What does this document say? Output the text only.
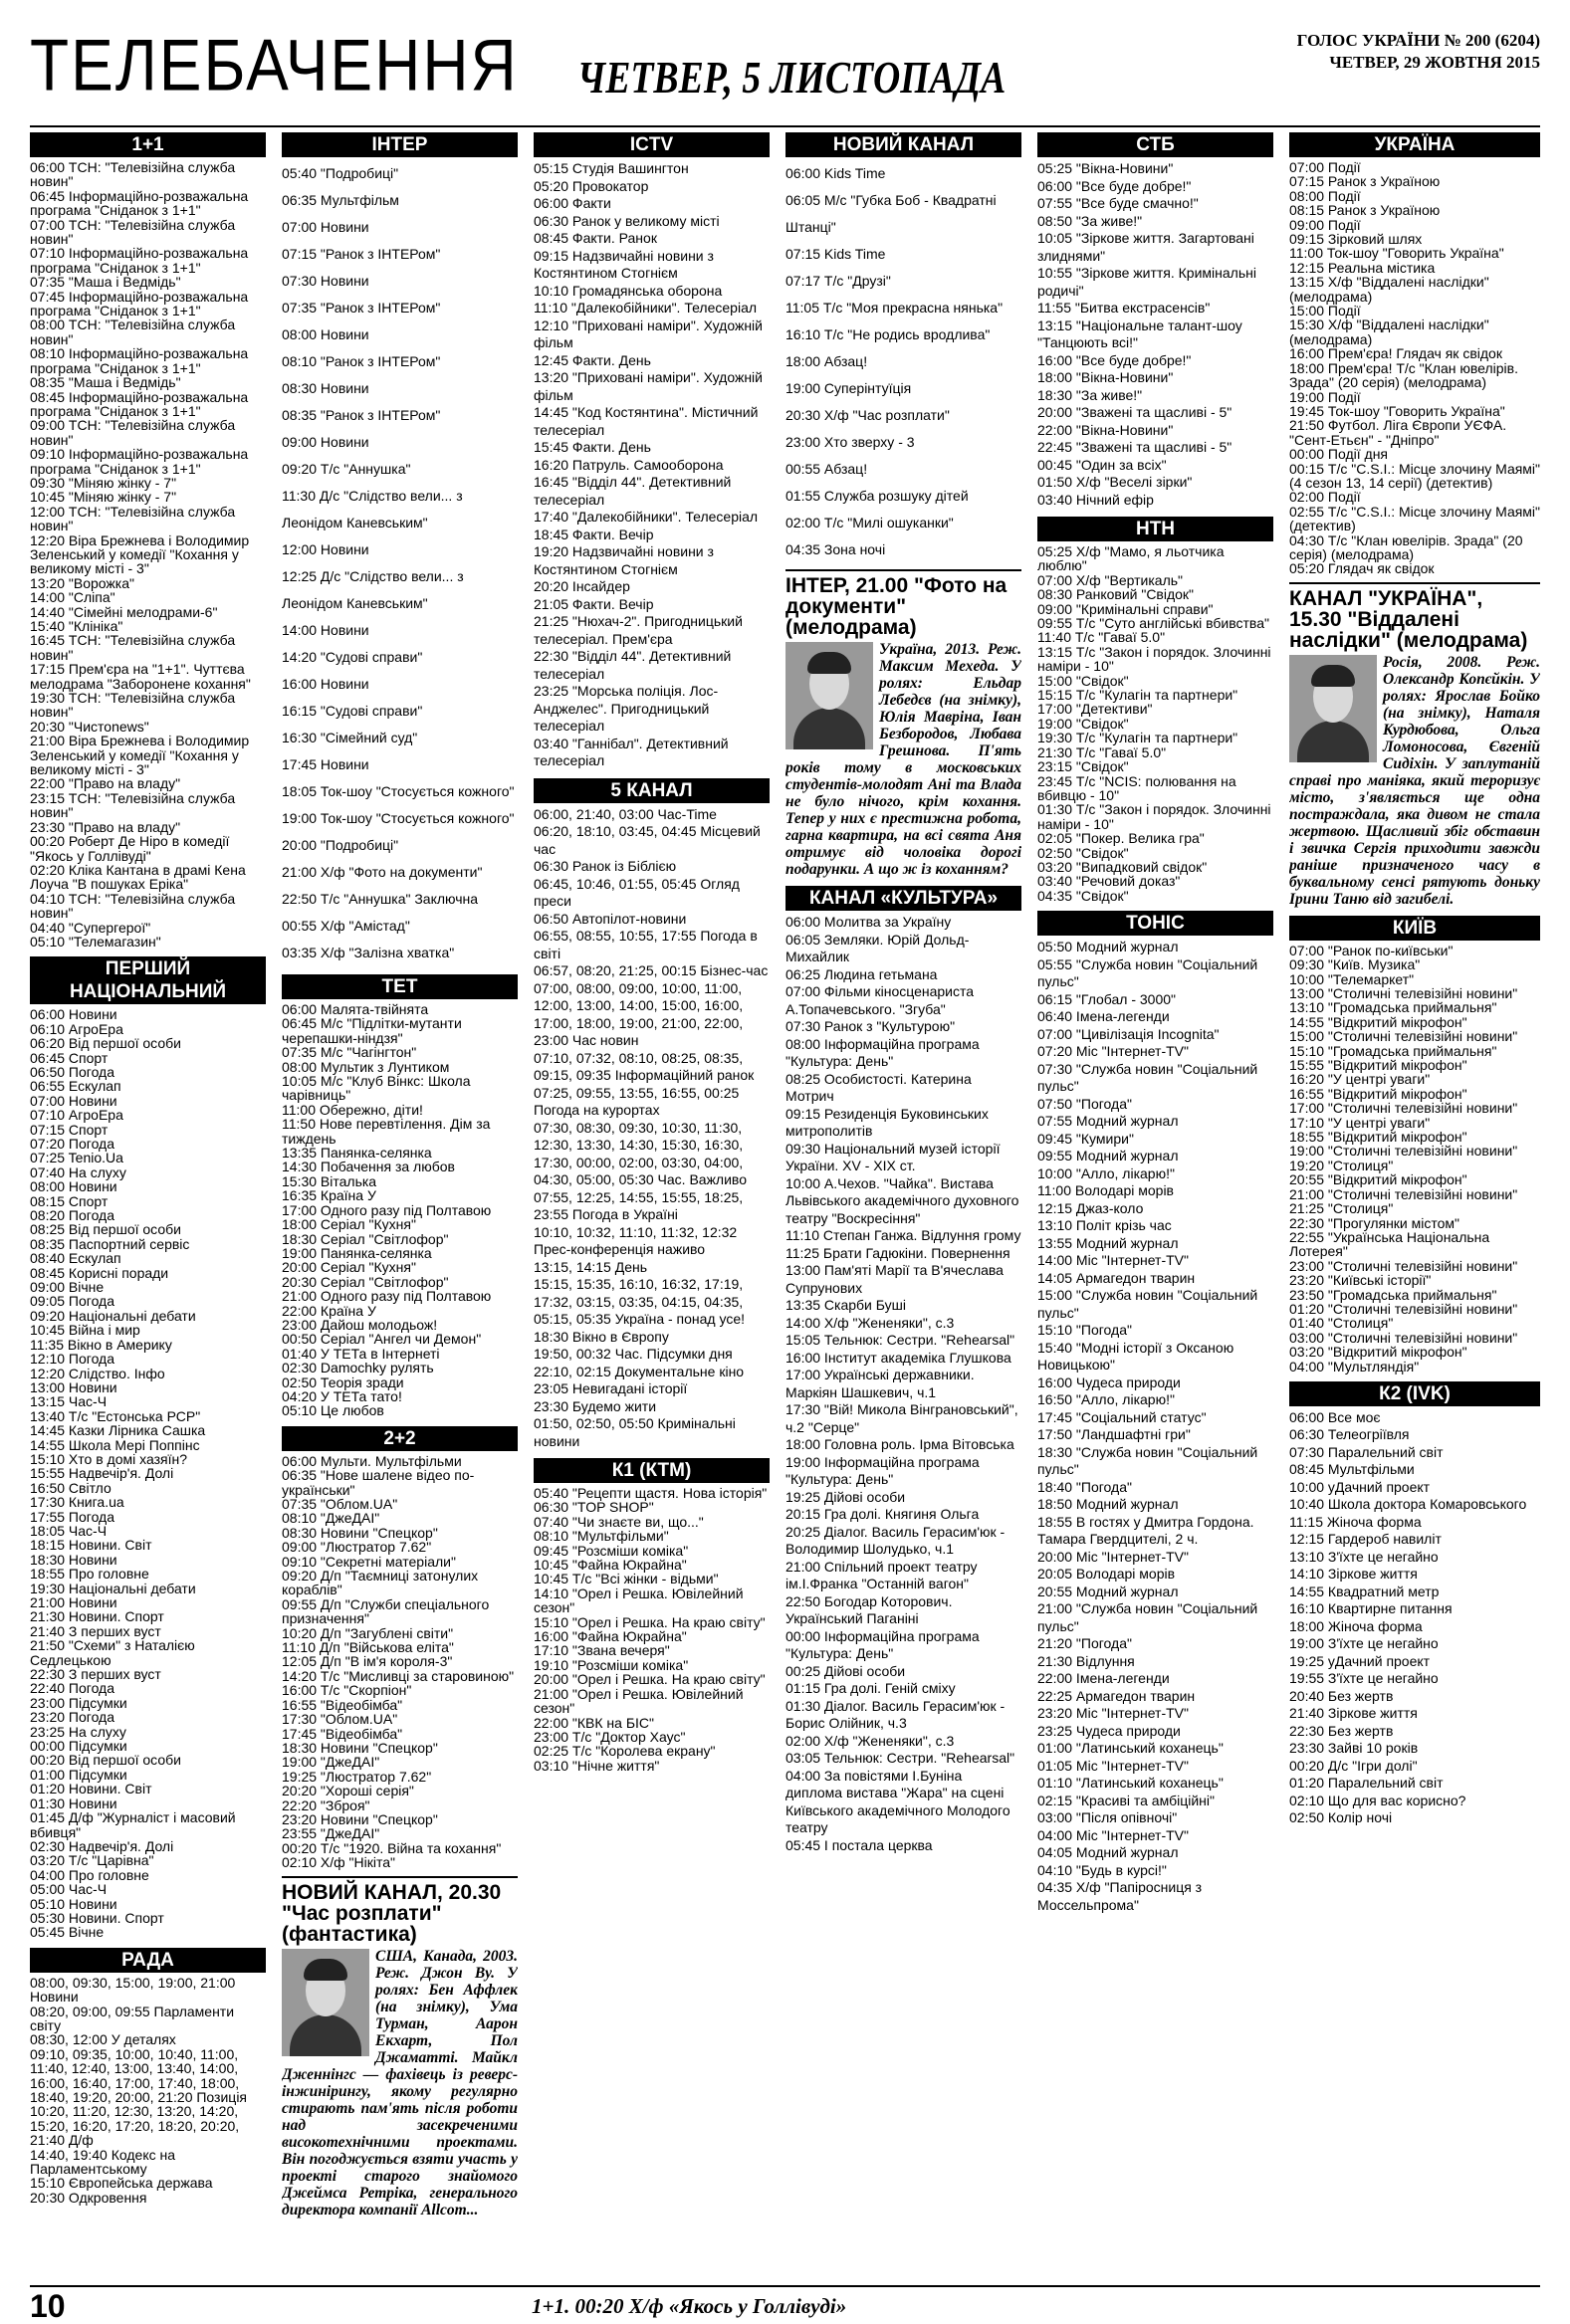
ТЕЛЕБАЧЕННЯ ЧЕТВЕР, 5 ЛИСТОПАДА
ГОЛОС УКРАЇНИ № 200 (6204)
ЧЕТВЕР, 29 ЖОВТНЯ 2015
1+1
06:00 ТСН: "Телевізійна служба новин"
06:45 Інформаційно-розважальна програма "Сніданок з 1+1"
07:00 ТСН: "Телевізійна служба новин"
07:10 Інформаційно-розважальна програма "Сніданок з 1+1"
07:35 "Маша і Ведмідь"
07:45 Інформаційно-розважальна програма "Сніданок з 1+1"
08:00 ТСН: "Телевізійна служба новин"
08:10 Інформаційно-розважальна програма "Сніданок з 1+1"
08:35 "Маша і Ведмідь"
08:45 Інформаційно-розважальна програма "Сніданок з 1+1"
09:00 ТСН: "Телевізійна служба новин"
09:10 Інформаційно-розважальна програма "Сніданок з 1+1"
09:30 "Міняю жінку - 7"
10:45 "Міняю жінку - 7"
12:00 ТСН: "Телевізійна служба новин"
12:20 Віра Брежнева і Володимир Зеленський у комедії "Кохання у великому місті - 3"
13:20 "Ворожка"
14:00 "Сліпа"
14:40 "Сімейні мелодрами-6"
15:40 "Клініка"
16:45 ТСН: "Телевізійна служба новин"
17:15 Прем'єра на "1+1". Чуттєва мелодрама "Заборонене кохання"
19:30 ТСН: "Телевізійна служба новин"
20:30 "Чистоnews"
21:00 Віра Брежнева і Володимир Зеленський у комедії "Кохання у великому місті - 3"
22:00 "Право на владу"
23:15 ТСН: "Телевізійна служба новин"
23:30 "Право на владу"
00:20 Роберт Де Ніро в комедії "Якось у Голлівуді"
02:20 Кліка Кантана в драмі Кена Лоуча "В пошуках Еріка"
04:10 ТСН: "Телевізійна служба новин"
04:40 "Супергерої"
05:10 "Телемагазин"
ПЕРШИЙ НАЦІОНАЛЬНИЙ
06:00 Новини
06:10 АгроЕра
06:20 Від першої особи
06:45 Спорт
06:50 Погода
06:55 Ескулап
07:00 Новини
07:10 АгроЕра
07:15 Спорт
07:20 Погода
07:25 Tenio.Ua
07:40 На слуху
08:00 Новини
08:15 Спорт
08:20 Погода
08:25 Від першої особи
08:35 Паспортний сервіс
08:40 Ескулап
08:45 Корисні поради
09:00 Вічне
09:05 Погода
09:20 Національні дебати
10:45 Війна і мир
11:35 Вікно в Америку
12:10 Погода
12:20 Слідство. Інфо
13:00 Новини
13:15 Час-Ч
13:40 Т/с "Естонська РСР"
14:45 Казки Лірника Сашка
14:55 Школа Мері Поппінс
15:10 Хто в домі хазяїн?
15:55 Надвечір'я. Долі
16:50 Світло
17:30 Книга.ua
17:55 Погода
18:05 Час-Ч
18:15 Новини. Світ
18:30 Новини
18:55 Про головне
19:30 Національні дебати
21:00 Новини
21:30 Новини. Спорт
21:40 З перших вуст
21:50 "Схеми" з Наталією Седлецькою
22:30 З перших вуст
22:40 Погода
23:00 Підсумки
23:20 Погода
23:25 На слуху
00:00 Підсумки
00:20 Від першої особи
01:00 Підсумки
01:20 Новини. Світ
01:30 Новини
01:45 Д/ф "Журналіст і масовий вбивця"
02:30 Надвечір'я. Долі
03:20 Т/с "Царівна"
04:00 Про головне
05:00 Час-Ч
05:10 Новини
05:30 Новини. Спорт
05:45 Вічне
РАДА
08:00, 09:30, 15:00, 19:00, 21:00 Новини
08:20, 09:00, 09:55 Парламенти світу
08:30, 12:00 У деталях
09:10, 09:35, 10:00, 10:40, 11:00, 11:40, 12:40, 13:00, 13:40, 14:00, 16:00, 16:40, 17:00, 17:40, 18:00, 18:40, 19:20, 20:00, 21:20 Позиція
10:20, 11:20, 12:30, 13:20, 14:20, 15:20, 16:20, 17:20, 18:20, 20:20, 21:40 Д/ф
14:40, 19:40 Кодекс на Парламентському
15:10 Європейська держава
20:30 Одкровення
ІНТЕР
05:40 "Подробиці"
06:35 Мультфільм
07:00 Новини
07:15 "Ранок з ІНТЕРом"
07:30 Новини
07:35 "Ранок з ІНТЕРом"
08:00 Новини
08:10 "Ранок з ІНТЕРом"
08:30 Новини
08:35 "Ранок з ІНТЕРом"
09:00 Новини
09:20 Т/с "Аннушка"
11:30 Д/с "Слідство вели... з Леонідом Каневським"
12:00 Новини
12:25 Д/с "Слідство вели... з Леонідом Каневським"
14:00 Новини
14:20 "Судові справи"
16:00 Новини
16:15 "Судові справи"
16:30 "Сімейний суд"
17:45 Новини
18:05 Ток-шоу "Стосується кожного"
19:00 Ток-шоу "Стосується кожного"
20:00 "Подробиці"
21:00 Х/ф "Фото на документи"
22:50 Т/с "Аннушка" Заключна
00:55 Х/ф "Амістад"
03:35 Х/ф "Залізна хватка"
ТЕТ
06:00 Малята-твійнята
06:45 М/с "Підлітки-мутанти черепашки-ніндзя"
07:35 М/с "Чагінгтон"
08:00 Мультик з Лунтиком
10:05 М/с "Клуб Вінкс: Школа чарівниць"
11:00 Обережно, діти!
11:50 Нове перевтілення. Дім за тиждень
13:35 Панянка-селянка
14:30 Побачення за любов
15:30 Віталька
16:35 Країна У
17:00 Одного разу під Полтавою
18:00 Серіал "Кухня"
18:30 Серіал "Світлофор"
19:00 Панянка-селянка
20:00 Серіал "Кухня"
20:30 Серіал "Світлофор"
21:00 Одного разу під Полтавою
22:00 Країна У
23:00 Дайош молодьож!
00:50 Серіал "Ангел чи Демон"
01:40 У ТЕТа в Інтернеті
02:30 Damochky рулять
02:50 Теорія зради
04:20 У ТЕТа тато!
05:10 Це любов
2+2
06:00 Мульти. Мультфільми
06:35 "Нове шалене відео по-українськи"
07:35 "Облом.UA"
08:10 "ДжеДАІ"
08:30 Новини "Спецкор"
09:00 "Люстратор 7.62"
09:10 "Секретні матеріали"
09:20 Д/п "Таємниці затонулих кораблів"
09:55 Д/п "Служби спеціального призначення"
10:20 Д/п "Загублені світи"
11:10 Д/п "Військова еліта"
12:05 Д/п "В ім'я короля-3"
14:20 Т/с "Мисливці за старовиною"
16:00 Т/с "Скорпіон"
16:55 "Відеобімба"
17:30 "Облом.UA"
17:45 "Відеобімба"
18:30 Новини "Спецкор"
19:00 "ДжеДАІ"
19:25 "Люстратор 7.62"
20:20 "Хороші серія"
22:20 "Зброя"
23:20 Новини "Спецкор"
23:55 "ДжеДАІ"
00:20 Т/с "1920. Війна та кохання"
02:10 Х/ф "Нікіта"
НОВИЙ КАНАЛ, 20.30 "Час розплати" (фантастика)
США, Канада, 2003. Реж. Джон Ву. У ролях: Бен Аффлек (на знімку), Ума Турман, Аарон Екхарт, Пол Джаматті. Майкл Дженнінгс — фахівець із реверс-інжинірингу, якому регулярно стирають пам'ять після роботи над засекреченими високотехнічними проектами. Він погоджується взяти участь у проекті старого знайомого Джеймса Ретріка, генерального директора компанії Allcom...
ICTV
05:15 Студія Вашингтон
05:20 Провокатор
06:00 Факти
06:30 Ранок у великому місті
08:45 Факти. Ранок
09:15 Надзвичайні новини з Костянтином Стогнієм
10:10 Громадянська оборона
11:10 "Далекобійники". Телесеріал
12:10 "Приховані наміри". Художній фільм
12:45 Факти. День
13:20 "Приховані наміри". Художній фільм
14:45 "Код Костянтина". Містичний телесеріал
15:45 Факти. День
16:20 Патруль. Самооборона
16:45 "Відділ 44". Детективний телесеріал
17:40 "Далекобійники". Телесеріал
18:45 Факти. Вечір
19:20 Надзвичайні новини з Костянтином Стогнієм
20:20 Інсайдер
21:05 Факти. Вечір
21:25 "Нюхач-2". Пригодницький телесеріал. Прем'єра
22:30 "Відділ 44". Детективний телесеріал
23:25 "Морська поліція. Лос-Анджелес". Пригодницький телесеріал
03:40 "Ганнібал". Детективний телесеріал
5 КАНАЛ
06:00, 21:40, 03:00 Час-Time
06:20, 18:10, 03:45, 04:45 Місцевий час
06:30 Ранок із Біблією
06:45, 10:46, 01:55, 05:45 Огляд преси
06:50 Автопілот-новини
06:55, 08:55, 10:55, 17:55 Погода в світі
06:57, 08:20, 21:25, 00:15 Бізнес-час
07:00, 08:00, 09:00, 10:00, 11:00, 12:00, 13:00, 14:00, 15:00, 16:00, 17:00, 18:00, 19:00, 21:00, 22:00, 23:00 Час новин
07:10, 07:32, 08:10, 08:25, 08:35, 09:15, 09:35 Інформаційний ранок
07:25, 09:55, 13:55, 16:55, 00:25 Погода на курортах
07:30, 08:30, 09:30, 10:30, 11:30, 12:30, 13:30, 14:30, 15:30, 16:30, 17:30, 00:00, 02:00, 03:30, 04:00, 04:30, 05:00, 05:30 Час. Важливо
07:55, 12:25, 14:55, 15:55, 18:25, 23:55 Погода в Україні
10:10, 10:32, 11:10, 11:32, 12:32 Прес-конференція наживо
13:15, 14:15 День
15:15, 15:35, 16:10, 16:32, 17:19, 17:32, 03:15, 03:35, 04:15, 04:35, 05:15, 05:35 Україна - понад усе!
18:30 Вікно в Європу
19:50, 00:32 Час. Підсумки дня
22:10, 02:15 Документальне кіно
23:05 Невигадані історії
23:30 Будемо жити
01:50, 02:50, 05:50 Кримінальні новини
К1 (КТМ)
05:40 "Рецепти щастя. Нова історія"
06:30 "TOP SHOP"
07:40 "Чи знаєте ви, що..."
08:10 "Мультфільми"
09:45 "Розсміши коміка"
10:45 "Файна Юкрайна"
10:45 Т/с "Всі жінки - відьми"
14:10 "Орел і Решка. Ювілейний сезон"
15:10 "Орел і Решка. На краю світу"
16:00 "Файна Юкрайна"
17:10 "Звана вечеря"
19:10 "Розсміши коміка"
20:00 "Орел і Решка. На краю світу"
21:00 "Орел і Решка. Ювілейний сезон"
22:00 "КВК на БІС"
23:00 Т/с "Доктор Хаус"
02:25 Т/с "Королева екрану"
03:10 "Нічне життя"
НОВИЙ КАНАЛ
06:00 Kids Time
06:05 М/с "Губка Боб - Квадратні Штанці"
07:15 Kids Time
07:17 Т/с "Друзі"
11:05 Т/с "Моя прекрасна нянька"
16:10 Т/с "Не родись вродлива"
18:00 Абзац!
19:00 Суперінтуїція
20:30 Х/ф "Час розплати"
23:00 Хто зверху - 3
00:55 Абзац!
01:55 Служба розшуку дітей
02:00 Т/с "Милі ошуканки"
04:35 Зона ночі
ІНТЕР, 21.00 "Фото на документи" (мелодрама)
Україна, 2013. Реж. Максим Мехеда. У ролях: Ельдар Лебедєв (на знімку), Юлія Мавріна, Іван Безбородов, Любава Грешнова. П'ять років тому в московських студентів-молодят Ані та Влада не було нічого, крім кохання. Тепер у них є престижна робота, гарна квартира, на всі свята Аня отримує від чоловіка дорогі подарунки. А що ж із коханням?
КАНАЛ «КУЛЬТУРА»
06:00 Молитва за Україну
06:05 Земляки. Юрій Дольд-Михайлик
06:25 Людина гетьмана
07:00 Фільми кіносценариста А.Топачевського. "Згуба"
07:30 Ранок з "Культурою"
08:00 Інформаційна програма "Культура: День"
08:25 Особистості. Катерина Мотрич
09:15 Резиденція Буковинських митрополитів
09:30 Національний музей історії України. XV - XIX ст.
10:00 А.Чехов. "Чайка". Вистава Львівського академічного духовного театру "Воскресіння"
11:10 Степан Ганжа. Відлуння грому
11:25 Брати Гадюкіни. Повернення
13:00 Пам'яті Марії та В'ячеслава Супрунових
13:35 Скарби Буші
14:00 Х/ф "Жененяки", с.3
15:05 Тельнюк: Сестри. "Rehearsal"
16:00 Інститут академіка Глушкова
17:00 Українські державники. Маркіян Шашкевич, ч.1
17:30 "Вій! Микола Вінграновський", ч.2 "Серце"
18:00 Головна роль. Ірма Вітовська
19:00 Інформаційна програма "Культура: День"
19:25 Дійові особи
20:15 Гра долі. Княгиня Ольга
20:25 Діалог. Василь Герасим'юк - Володимир Шолудько, ч.1
21:00 Спільний проект театру ім.І.Франка "Останній вагон"
22:50 Богодар Которович. Український Паганіні
00:00 Інформаційна програма "Культура: День"
00:25 Дійові особи
01:15 Гра долі. Геній сміху
01:30 Діалог. Василь Герасим'юк - Борис Олійник, ч.3
02:00 Х/ф "Жененяки", с.3
03:05 Тельнюк: Сестри. "Rehearsal"
04:00 За повістями І.Буніна диплома вистава "Жара" на сцені Київського академічного Молодого театру
05:45 І постала церква
СТБ
05:25 "Вікна-Новини"
06:00 "Все буде добре!"
07:55 "Все буде смачно!"
08:50 "За живе!"
10:05 "Зіркове життя. Загартовані злиднями"
10:55 "Зіркове життя. Кримінальні родичі"
11:55 "Битва екстрасенсів"
13:15 "Національне талант-шоу "Танцюють всі!"
16:00 "Все буде добре!"
18:00 "Вікна-Новини"
18:30 "За живе!"
20:00 "Зважені та щасливі - 5"
22:00 "Вікна-Новини"
22:45 "Зважені та щасливі - 5"
00:45 "Один за всіх"
01:50 Х/ф "Веселі зірки"
03:40 Нічний ефір
НТН
05:25 Х/ф "Мамо, я льотчика люблю"
07:00 Х/ф "Вертикаль"
08:30 Ранковий "Свідок"
09:00 "Кримінальні справи"
09:55 Т/с "Суто англійські вбивства"
11:40 Т/с "Гаваї 5.0"
13:15 Т/с "Закон і порядок. Злочинні наміри - 10"
15:00 "Свідок"
15:15 Т/с "Кулагін та партнери"
17:00 "Детективи"
19:00 "Свідок"
19:30 Т/с "Кулагін та партнери"
21:30 Т/с "Гаваї 5.0"
23:15 "Свідок"
23:45 Т/с "NCIS: полювання на вбивцю - 10"
01:30 Т/с "Закон і порядок. Злочинні наміри - 10"
02:05 "Покер. Велика гра"
02:50 "Свідок"
03:20 "Випадковий свідок"
03:40 "Речовий доказ"
04:35 "Свідок"
ТОНІС
05:50 Модний журнал
05:55 "Служба новин "Соціальний пульс"
06:15 "Глобал - 3000"
06:40 Імена-легенди
07:00 "Цивілізація Incognita"
07:20 Міс "Інтернет-TV"
07:30 "Служба новин "Соціальний пульс"
07:50 "Погода"
07:55 Модний журнал
09:45 "Кумири"
09:55 Модний журнал
10:00 "Алло, лікарю!"
11:00 Володарі морів
12:15 Джаз-коло
13:10 Політ крізь час
13:55 Модний журнал
14:00 Міс "Інтернет-TV"
14:05 Армагедон тварин
15:00 "Служба новин "Соціальний пульс"
15:10 "Погода"
15:40 "Модні історії з Оксаною Новицькою"
16:00 Чудеса природи
16:50 "Алло, лікарю!"
17:45 "Соціальний статус"
17:50 "Ландшафтні гри"
18:30 "Служба новин "Соціальний пульс"
18:40 "Погода"
18:50 Модний журнал
18:55 В гостях у Дмитра Гордона. Тамара Гвердцителі, 2 ч.
20:00 Міс "Інтернет-TV"
20:05 Володарі морів
20:55 Модний журнал
21:00 "Служба новин "Соціальний пульс"
21:20 "Погода"
21:30 Відлуння
22:00 Імена-легенди
22:25 Армагедон тварин
23:20 Міс "Інтернет-TV"
23:25 Чудеса природи
01:00 "Латинський коханець"
01:05 Міс "Інтернет-TV"
01:10 "Латинський коханець"
02:15 "Красиві та амбіційні"
03:00 "Після опівночі"
04:00 Міс "Інтернет-TV"
04:05 Модний журнал
04:10 "Будь в курсі!"
04:35 Х/ф "Папіросниця з Моссельпрома"
УКРАЇНА
07:00 Події
07:15 Ранок з Україною
08:00 Події
08:15 Ранок з Україною
09:00 Події
09:15 Зірковий шлях
11:00 Ток-шоу "Говорить Україна"
12:15 Реальна містика
13:15 Х/ф "Віддалені наслідки" (мелодрама)
15:00 Події
15:30 Х/ф "Віддалені наслідки" (мелодрама)
16:00 Прем'єра! Глядач як свідок
18:00 Прем'єра! Т/с "Клан ювелірів. Зрада" (20 серія) (мелодрама)
19:00 Події
19:45 Ток-шоу "Говорить Україна"
21:50 Футбол. Ліга Європи УЄФА. "Сент-Етьєн" - "Дніпро"
00:00 Події дня
00:15 Т/с "C.S.I.: Місце злочину Маямі" (4 сезон 13, 14 серії) (детектив)
02:00 Події
02:55 Т/с "C.S.I.: Місце злочину Маямі" (детектив)
04:30 Т/с "Клан ювелірів. Зрада" (20 серія) (мелодрама)
05:20 Глядач як свідок
КАНАЛ "УКРАЇНА", 15.30 "Віддалені наслідки" (мелодрама)
Росія, 2008. Реж. Олександр Копєйкін. У ролях: Ярослав Бойко (на знімку), Наталя Курдюбова, Ольга Ломоносова, Євгеній Сидіхін. У заплутаній справі про маніяка, який тероризує місто, з'являється ще одна постраждала, яка дивом не стала жертвою. Щасливий збіг обставин і звичка Сергія приходити завжди раніше призначеного часу в буквальному сенсі рятують доньку Ірини Таню від загибелі.
КИЇВ
07:00 "Ранок по-київськи"
09:30 "Київ. Музика"
10:00 "Телемаркет"
13:00 "Столичні телевізійні новини"
13:10 "Громадська приймальня"
14:55 "Відкритий мікрофон"
15:00 "Столичні телевізійні новини"
15:10 "Громадська приймальня"
15:55 "Відкритий мікрофон"
16:20 "У центрі уваги"
16:55 "Відкритий мікрофон"
17:00 "Столичні телевізійні новини"
17:10 "У центрі уваги"
18:55 "Відкритий мікрофон"
19:00 "Столичні телевізійні новини"
19:20 "Столиця"
20:55 "Відкритий мікрофон"
21:00 "Столичні телевізійні новини"
21:25 "Столиця"
22:30 "Прогулянки містом"
22:55 "Українська Національна Лотерея"
23:00 "Столичні телевізійні новини"
23:20 "Київські історії"
23:50 "Громадська приймальня"
01:20 "Столичні телевізійні новини"
01:40 "Столиця"
03:00 "Столичні телевізійні новини"
03:20 "Відкритий мікрофон"
04:00 "Мультляндія"
К2 (IVK)
06:00 Все моє
06:30 Телеогріївля
07:30 Паралельний світ
08:45 Мультфільми
10:00 уДачний проект
10:40 Школа доктора Комаровського
11:15 Жіноча форма
12:15 Гардероб навиліт
13:10 З'їхте це негайно
14:10 Зіркове життя
14:55 Квадратний метр
16:10 Квартирне питання
18:00 Жіноча форма
19:00 З'їхте це негайно
19:25 уДачний проект
19:55 З'їхте це негайно
20:40 Без жертв
21:40 Зіркове життя
22:30 Без жертв
23:30 Зайві 10 років
00:20 Д/с "Ігри долі"
01:20 Паралельний світ
02:10 Що для вас корисно?
02:50 Колір ночі
10	1+1. 00:20 Х/ф «Якось у Голлівуді»
